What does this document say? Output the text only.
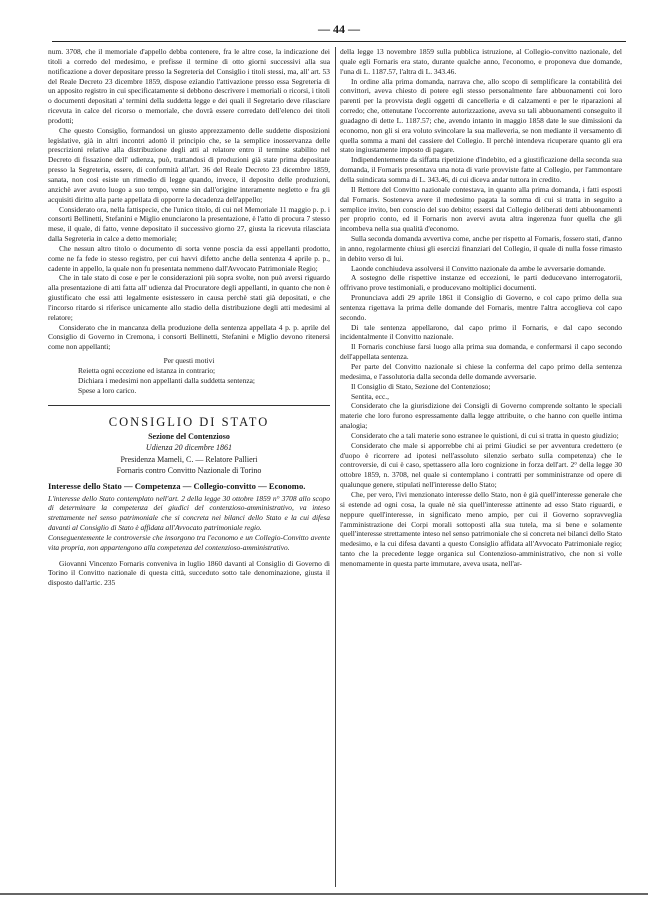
— 44 —

num. 3708, che il memoriale d'appello debba contenere, fra le altre cose, la indicazione dei titoli a corredo del medesimo, e prefisse il termine di otto giorni successivi alla sua notificazione a dover depositare presso la Segreteria del Consiglio i titoli stessi, ma, all' art. 53 del Reale Decreto 23 dicembre 1859, dispose ezìandio l'attivazione presso essa Segreteria di un apposito registro in cui specificatamente si debbono descrivere i memoriali o ricorsi, i titoli o documenti depositati a' termini della suddetta legge e dei quali il Segretario deve rilasciare ricevuta in calce del ricorso o memoriale, che dovrà essere corredato dell'elenco dei titoli prodotti;

Che questo Consiglio, formandosi un giusto apprezzamento delle suddette disposizioni legislative, già in altri incontri adottò il principio che, se la semplice inosservanza delle prescrizioni relative alla distribuzione degli atti al relatore entro il termine stabilito nel Decreto di fissazione dell' udienza, può, trattandosi di produzioni già state prima depositate presso la Segreteria, essere, di conformità all'art. 36 del Reale Decreto 23 dicembre 1859, sanata, non così esiste un rimedio di legge quando, invece, il deposito delle produzioni, anzichè aver avuto luogo a suo tempo, venne sin dall'origine interamente negletto e fra gli acquisiti diritto alla parte appellata di opporre la decadenza dell'appello;

Considerato ora, nella fattispecie, che l'unico titolo, di cui nel Memoriale 11 maggio p. p. i consorti Bellinetti, Stefanini e Miglio enunciarono la presentazione, è l'atto di procura 7 stesso mese, il quale, di fatto, venne depositato il successivo giorno 27, giusta la ricevuta rilasciata dalla Segreteria in calce a detto memoriale;

Che nessun altro titolo o documento di sorta venne poscia da essi appellanti prodotto, come ne fa fede io stesso registro, per cui havvi difetto anche della sentenza 4 aprile p. p., cadente in appello, la quale non fu presentata nemmeno dall'Avvocato Patrimoniale Regio;

Che in tale stato di cose e per le considerazioni più sopra svolte, non può aversi riguardo alla presentazione di atti fatta all' udienza dal Procuratore degli appellanti, in quanto che non è giustificato che essi atti legalmente esistessero in causa perchè stati già depositati, e che l'incorso ritardo si riferisce unicamente allo stadio della distribuzione degli atti medesimi al relatore;

Considerato che in mancanza della produzione della sentenza appellata 4 p. p. aprile del Consiglio di Governo in Cremona, i consorti Bellinetti, Stefanini e Miglio devono ritenersi come non appellanti;

Per questi motivi

Reietta ogni eccezione ed istanza in contrario;

Dichiara i medesimi non appellanti dalla suddetta sentenza;

Spese a loro carico.

CONSIGLIO DI STATO
Sezione del Contenzioso
Udienza 20 dicembre 1861
Presidenza Mameli, C. — Relatore Pallieri
Fornaris contro Convitto Nazionale di Torino
Interesse dello Stato — Competenza — Collegio-convitto — Economo.

L'interesse dello Stato contemplato nell'art. 2 della legge 30 ottobre 1859 n° 3708 allo scopo di determinare la competenza dei giudici del contenzioso-amministrativo, va inteso strettamente nel senso patrimoniale che si concreta nei bilanci dello Stato e la cui difesa davanti al Consiglio di Stato è affidata all'Avvocato patrimoniale regio.

Conseguentemente le controversie che insorgono tra l'economo e un Collegio-Convitto avente vita propria, non appartengono alla competenza del contenzioso-amministrativo.

Giovanni Vincenzo Fornaris conveniva in luglio 1860 davanti al Consiglio di Governo di Torino il Convitto nazionale di questa città, succeduto sotto tale denominazione, giusta il disposto dall'artic. 235

della legge 13 novembre 1859 sulla pubblica istruzione, al Collegio-convitto nazionale, del quale egli Fornaris era stato, durante qualche anno, l'economo, e proponeva due domande, l'una di L. 1187.57, l'altra di L. 343.46.

In ordine alla prima domanda, narrava che, allo scopo di semplificare la contabilità dei convittori, aveva chiesto di potere egli stesso personalmente fare abbuonamenti coi loro parenti per la provvista degli oggetti di cancelleria e di calzamenti e per le riparazioni al corredo; che, ottenutane l'occorrente autorizzazione, aveva su tali abbuonamenti conseguito il guadagno di dette L. 1187.57; che, avendo intanto in maggio 1858 date le sue dimissioni da economo, non gli si era voluto svincolare la sua malleveria, se non mediante il versamento di quella somma a mani del cassiere del Collegio. Il perchè intendeva ricuperare quanto gli era stato ingiustamente imposto di pagare.

Indipendentemente da siffatta ripetizione d'indebito, ed a giustificazione della seconda sua domanda, il Fornaris presentava una nota di varie provviste fatte al Collegio, per l'ammontare della suindicata somma di L. 343.46, di cui diceva andar tuttora in credito.

Il Rettore del Convitto nazionale contestava, in quanto alla prima domanda, i fatti esposti dal Fornaris. Sosteneva avere il medesimo pagata la somma di cui si tratta in seguito a semplice invito, ben conscio del suo debito; essersi dal Collegio deliberati detti abbuonamenti per proprio conto, ed il Fornaris non avervi avuta altra ingerenza fuor quella che gli incombeva nella sua qualità d'economo.

Sulla seconda domanda avvertiva come, anche per rispetto al Fornaris, fossero stati, d'anno in anno, regolarmente chiusi gli esercizi finanziari del Collegio, il quale di nulla fosse rimasto in debito verso di lui.

Laonde conchiudeva assolversi il Convitto nazionale da ambe le avversarie domande.

A sostegno delle rispettive instanze ed eccezioni, le parti deducevano interrogatorii, offrivano prove testimoniali, e producevano moltiplici documenti.

Pronunciava addì 29 aprile 1861 il Consiglio di Governo, e col capo primo della sua sentenza rigettava la prima delle domande del Fornaris, mentre l'altra accoglieva col capo secondo.

Di tale sentenza appellarono, dal capo primo il Fornaris, e dal capo secondo incidentalmente il Convitto nazionale.

Il Fornaris conchiuse farsi luogo alla prima sua domanda, e confermarsi il capo secondo dell'appellata sentenza.

Per parte del Convitto nazionale si chiese la conferma del capo primo della sentenza medesima, e l'assolutoria dalla seconda delle domande avversarie.

Il Consiglio di Stato, Sezione del Contenzioso;

Sentita, ecc.,

Considerato che la giurisdizione dei Consigli di Governo comprende soltanto le speciali materie che loro furono espressamente dalla legge attribuite, o che hanno con quelle intima analogia;

Considerato che a tali materie sono estranee le quistioni, di cui si tratta in questo giudizio;

Considerato che male si apporrebbe chi ai primi Giudici se per avventura credettero (e d'uopo è ricorrere ad ipotesi nell'assoluto silenzio serbato sulla competenza) che le controversie, di cui è caso, spettassero alla loro cognizione in forza dell'art. 2° della legge 30 ottobre 1859, n. 3708, nel quale si contemplano i contratti per somministranze od opere di qualunque genere, stipulati nell'interesse dello Stato;

Che, per vero, l'ivi menzionato interesse dello Stato, non è già quell'interesse generale che si estende ad ogni cosa, la quale nè sia quell'interesse attinente ad esso Stato riguardi, e neppure quell'interesse, in significato meno ampio, per cui il Governo sopravveglia l'amministrazione dei Corpi morali sottoposti alla sua tutela, ma si bene e solamente quell'interesse strettamente inteso nel senso patrimoniale che si concreta nei bilanci dello Stato medesimo, e la cui difesa davanti a questo Consiglio affidata all'Avvocato Patrimoniale regio; tanto che la precedente legge organica sul Contenzioso-amministrativo, che non si volle menomamente in questa parte immutare, aveva usata, nell'ar-
